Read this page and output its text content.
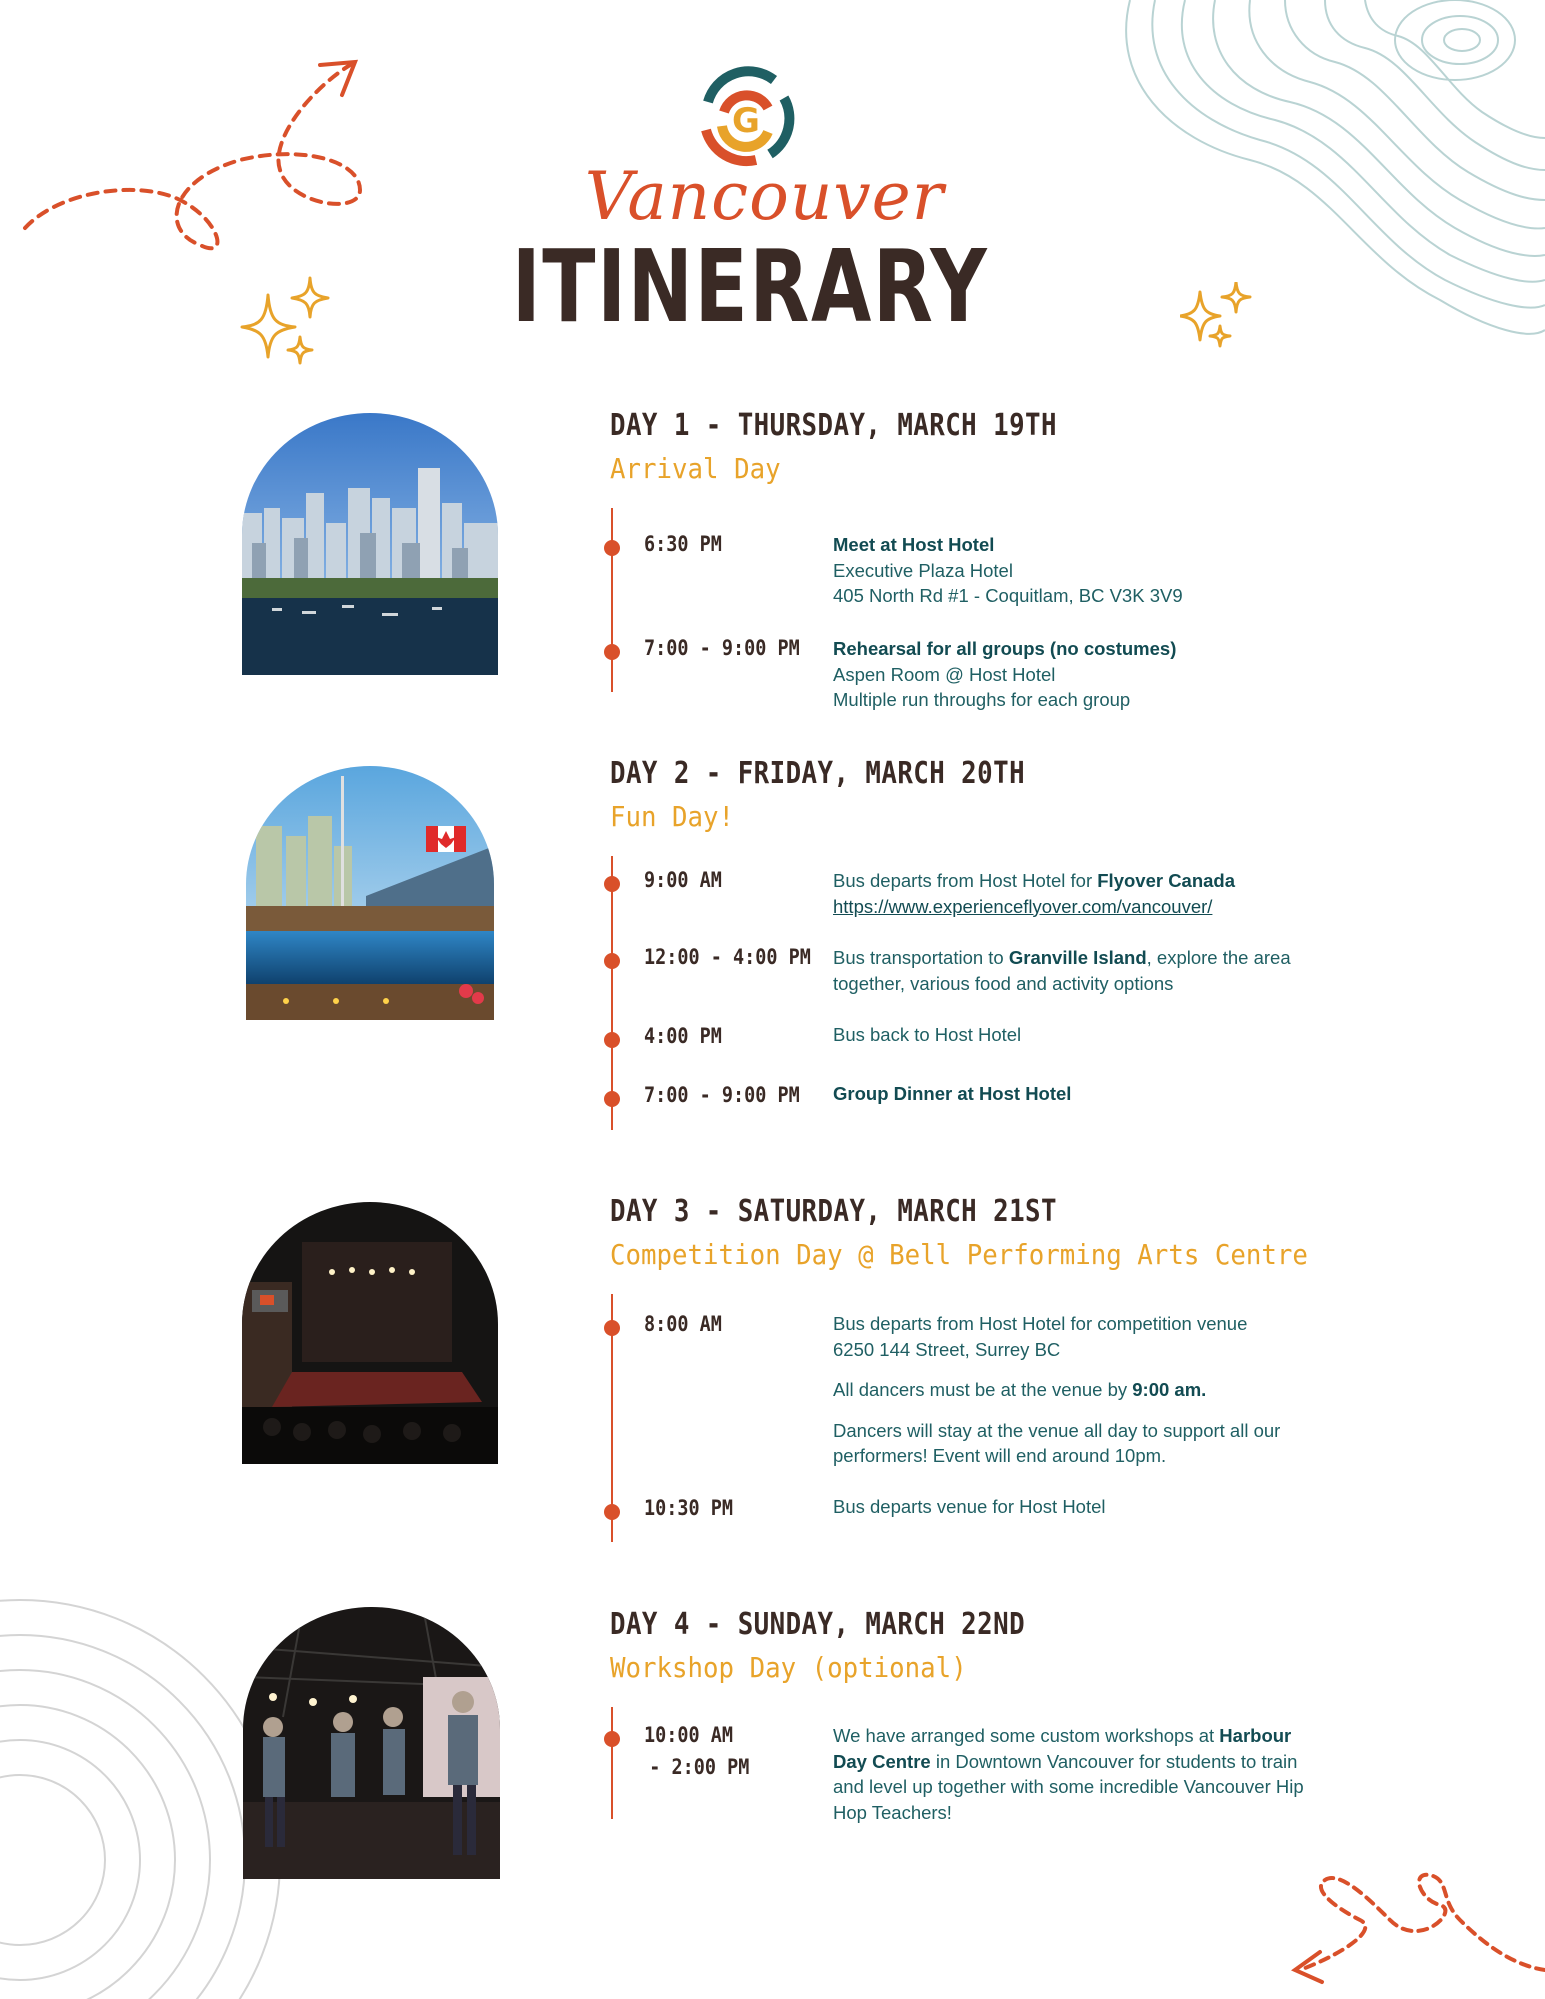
G
Vancouver
ITINERARY
DAY 1 - THURSDAY, MARCH 19TH
Arrival Day
6:30 PM	Meet at Host Hotel
Executive Plaza Hotel
405 North Rd #1 - Coquitlam, BC V3K 3V9
7:00 - 9:00 PM Rehearsal for all groups (no costumes)
Aspen Room @ Host Hotel
Multiple run throughs for each group
DAY 2 - FRIDAY, MARCH 20TH
Fun Day!
9:00 AM	Bus departs from Host Hotel for Flyover Canada
https://www.experienceflyover.com/vancouver/
12:00 - 4:00 PM Bus transportation to Granville Island, explore the area together, various food and activity options
4:00 PM	Bus back to Host Hotel
7:00 - 9:00 PM Group Dinner at Host Hotel
DAY 3 - SATURDAY, MARCH 21ST
Competition Day @ Bell Performing Arts Centre
8:00 AM	Bus departs from Host Hotel for competition venue
6250 144 Street, Surrey BC
All dancers must be at the venue by 9:00 am.
Dancers will stay at the venue all day to support all our performers! Event will end around 10pm.
10:30 PM	Bus departs venue for Host Hotel
DAY 4 - SUNDAY, MARCH 22ND
Workshop Day (optional)
10:00 AM
- 2:00 PM
We have arranged some custom workshops at Harbour Day Centre in Downtown Vancouver for students to train and level up together with some incredible Vancouver Hip Hop Teachers!
